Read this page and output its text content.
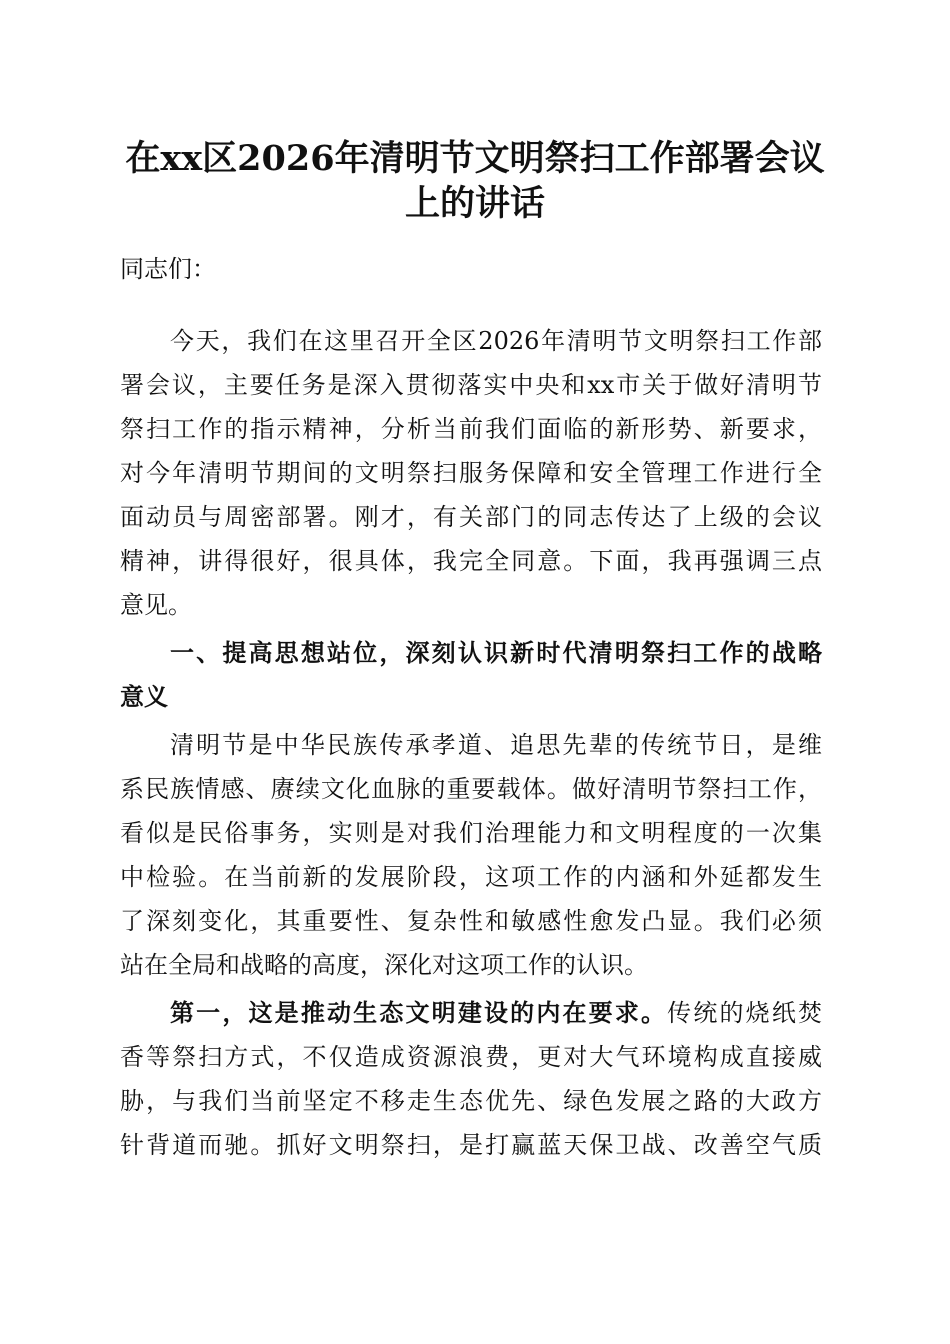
在xx区2026年清明节文明祭扫工作部署会议
上的讲话
同志们：
今天，我们在这里召开全区2026年清明节文明祭扫工作部
署会议，主要任务是深入贯彻落实中央和xx市关于做好清明节
祭扫工作的指示精神，分析当前我们面临的新形势、新要求，
对今年清明节期间的文明祭扫服务保障和安全管理工作进行全
面动员与周密部署。刚才，有关部门的同志传达了上级的会议
精神，讲得很好，很具体，我完全同意。下面，我再强调三点
意见。
一、提高思想站位，深刻认识新时代清明祭扫工作的战略
意义
清明节是中华民族传承孝道、追思先辈的传统节日，是维
系民族情感、赓续文化血脉的重要载体。做好清明节祭扫工作，
看似是民俗事务，实则是对我们治理能力和文明程度的一次集
中检验。在当前新的发展阶段，这项工作的内涵和外延都发生
了深刻变化，其重要性、复杂性和敏感性愈发凸显。我们必须
站在全局和战略的高度，深化对这项工作的认识。
第一，这是推动生态文明建设的内在要求。传统的烧纸焚
香等祭扫方式，不仅造成资源浪费，更对大气环境构成直接威
胁，与我们当前坚定不移走生态优先、绿色发展之路的大政方
针背道而驰。抓好文明祭扫，是打赢蓝天保卫战、改善空气质
